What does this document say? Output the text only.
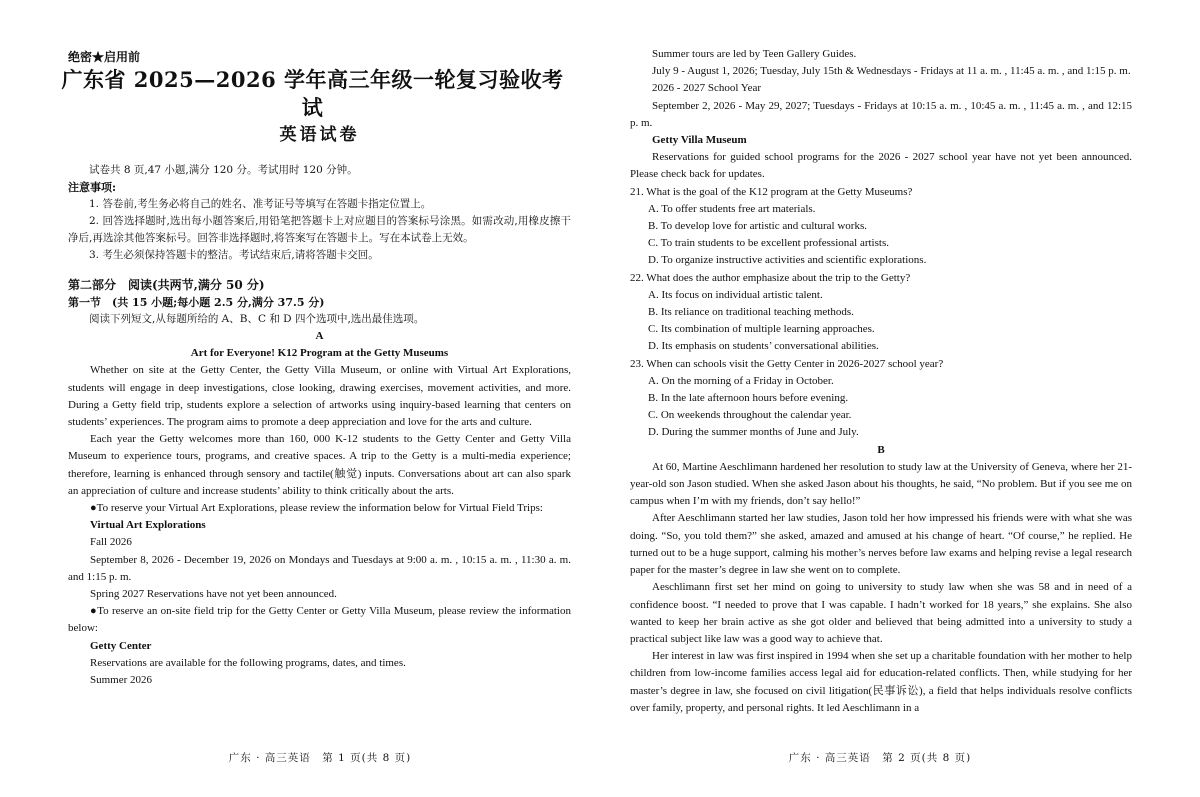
绝密★启用前

广东省 2025—2026 学年高三年级一轮复习验收考试

英语试卷

试卷共 8 页,47 小题,满分 120 分。考试用时 120 分钟。

注意事项:

1. 答卷前,考生务必将自己的姓名、准考证号等填写在答题卡指定位置上。

2. 回答选择题时,选出每小题答案后,用铅笔把答题卡上对应题目的答案标号涂黑。如需改动,用橡皮擦干净后,再选涂其他答案标号。回答非选择题时,将答案写在答题卡上。写在本试卷上无效。

3. 考生必须保持答题卡的整洁。考试结束后,请将答题卡交回。

第二部分　阅读(共两节,满分 50 分)

第一节　(共 15 小题;每小题 2.5 分,满分 37.5 分)

阅读下列短文,从每题所给的 A、B、C 和 D 四个选项中,选出最佳选项。

A

Art for Everyone! K12 Program at the Getty Museums

Whether on site at the Getty Center, the Getty Villa Museum, or online with Virtual Art Explorations, students will engage in deep investigations, close looking, drawing exercises, movement activities, and more. During a Getty field trip, students explore a selection of artworks using inquiry-based learning that centers on students’ experiences. The program aims to promote a deep appreciation and love for the arts and culture.

Each year the Getty welcomes more than 160, 000 K-12 students to the Getty Center and Getty Villa Museum to experience tours, programs, and creative spaces. A trip to the Getty is a multi-media experience; therefore, learning is enhanced through sensory and tactile(触觉) inputs. Conversations about art can also spark an appreciation of culture and increase students’ ability to think critically about the arts.

●To reserve your Virtual Art Explorations, please review the information below for Virtual Field Trips:

Virtual Art Explorations

Fall 2026

September 8, 2026 - December 19, 2026 on Mondays and Tuesdays at 9:00 a. m. , 10:15 a. m. , 11:30 a. m. and 1:15 p. m.

Spring 2027 Reservations have not yet been announced.

●To reserve an on-site field trip for the Getty Center or Getty Villa Museum, please review the information below:

Getty Center

Reservations are available for the following programs, dates, and times.

Summer 2026

广东 · 高三英语　第 1 页(共 8 页)

Summer tours are led by Teen Gallery Guides.

July 9 - August 1, 2026; Tuesday, July 15th & Wednesdays - Fridays at 11 a. m. , 11:45 a. m. , and 1:15 p. m.

2026 - 2027 School Year

September 2, 2026 - May 29, 2027; Tuesdays - Fridays at 10:15 a. m. , 10:45 a. m. , 11:45 a. m. , and 12:15 p. m.

Getty Villa Museum

Reservations for guided school programs for the 2026 - 2027 school year have not yet been announced. Please check back for updates.

21. What is the goal of the K12 program at the Getty Museums?

A. To offer students free art materials.

B. To develop love for artistic and cultural works.

C. To train students to be excellent professional artists.

D. To organize instructive activities and scientific explorations.

22. What does the author emphasize about the trip to the Getty?

A. Its focus on individual artistic talent.

B. Its reliance on traditional teaching methods.

C. Its combination of multiple learning approaches.

D. Its emphasis on students’ conversational abilities.

23. When can schools visit the Getty Center in 2026-2027 school year?

A. On the morning of a Friday in October.

B. In the late afternoon hours before evening.

C. On weekends throughout the calendar year.

D. During the summer months of June and July.

B

At 60, Martine Aeschlimann hardened her resolution to study law at the University of Geneva, where her 21-year-old son Jason studied. When she asked Jason about his thoughts, he said, “No problem. But if you see me on campus when I’m with my friends, don’t say hello!”

After Aeschlimann started her law studies, Jason told her how impressed his friends were with what she was doing. “So, you told them?” she asked, amazed and amused at his change of heart. “Of course,” he replied. He turned out to be a huge support, calming his mother’s nerves before law exams and helping revise a legal research paper for the master’s degree in law she went on to complete.

Aeschlimann first set her mind on going to university to study law when she was 58 and in need of a confidence boost. “I needed to prove that I was capable. I hadn’t worked for 18 years,” she explains. She also wanted to keep her brain active as she got older and believed that being admitted into a university to study a practical subject like law was a good way to achieve that.

Her interest in law was first inspired in 1994 when she set up a charitable foundation with her mother to help children from low-income families access legal aid for education-related conflicts. Then, while studying for her master’s degree in law, she focused on civil litigation(民事诉讼), a field that helps individuals resolve conflicts over family, property, and personal rights. It led Aeschlimann in a

广东 · 高三英语　第 2 页(共 8 页)
